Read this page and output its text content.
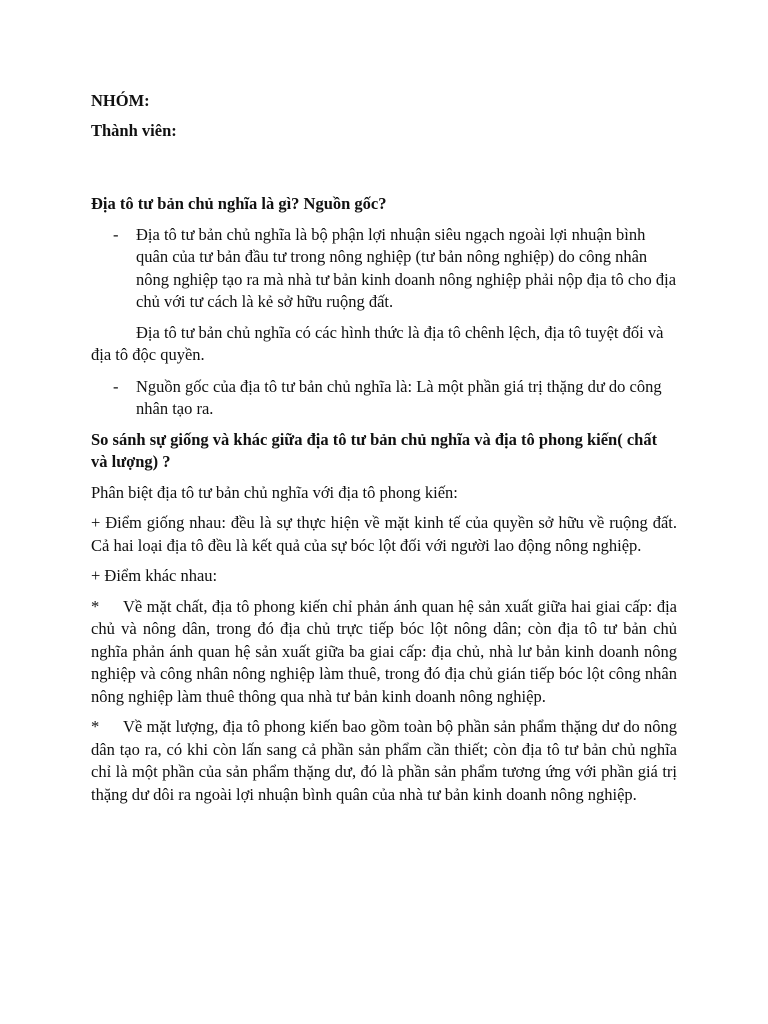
NHÓM:

Thành viên:

Địa tô tư bản chủ nghĩa là gì? Nguồn gốc?

- Địa tô tư bản chủ nghĩa là bộ phận lợi nhuận siêu ngạch ngoài lợi nhuận bình quân của tư bản đầu tư trong nông nghiệp (tư bản nông nghiệp) do công nhân nông nghiệp tạo ra mà nhà tư bản kinh doanh nông nghiệp phải nộp địa tô cho địa chủ với tư cách là kẻ sở hữu ruộng đất.

Địa tô tư bản chủ nghĩa có các hình thức là địa tô chênh lệch, địa tô tuyệt đối và địa tô độc quyền.

- Nguồn gốc của địa tô tư bản chủ nghĩa là: Là một phần giá trị thặng dư do công nhân tạo ra.

So sánh sự giống và khác giữa địa tô tư bản chủ nghĩa và địa tô phong kiến( chất và lượng) ?

Phân biệt địa tô tư bản chủ nghĩa với địa tô phong kiến:

+ Điểm giống nhau: đều là sự thực hiện về mặt kinh tế của quyền sở hữu về ruộng đất. Cả hai loại địa tô đều là kết quả của sự bóc lột đối với người lao động nông nghiệp.

+ Điểm khác nhau:

* Về mặt chất, địa tô phong kiến chỉ phản ánh quan hệ sản xuất giữa hai giai cấp: địa chủ và nông dân, trong đó địa chủ trực tiếp bóc lột nông dân; còn địa tô tư bản chủ nghĩa phản ánh quan hệ sản xuất giữa ba giai cấp: địa chủ, nhà lư bản kinh doanh nông nghiệp và công nhân nông nghiệp làm thuê, trong đó địa chủ gián tiếp bóc lột công nhân nông nghiệp làm thuê thông qua nhà tư bản kinh doanh nông nghiệp.

* Về mặt lượng, địa tô phong kiến bao gồm toàn bộ phần sản phẩm thặng dư do nông dân tạo ra, có khi còn lấn sang cả phần sản phẩm cần thiết; còn địa tô tư bản chủ nghĩa chỉ là một phần của sản phẩm thặng dư, đó là phần sản phẩm tương ứng với phần giá trị thặng dư dôi ra ngoài lợi nhuận bình quân của nhà tư bản kinh doanh nông nghiệp.
